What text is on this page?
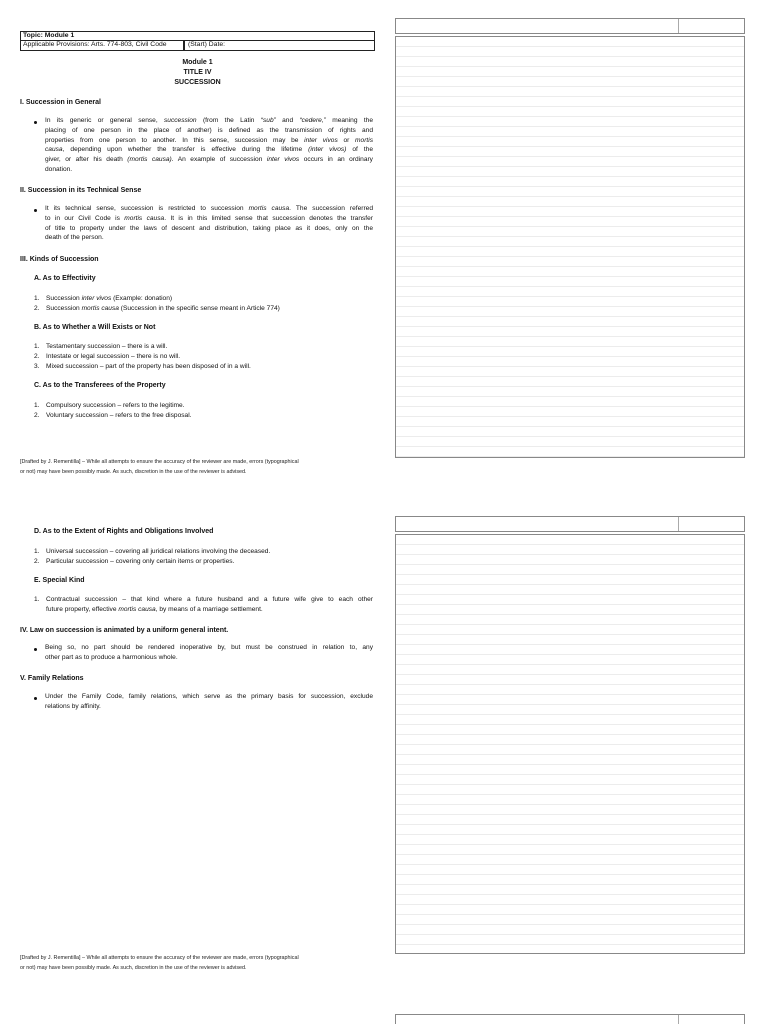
Topic: Module 1
Applicable Provisions: Arts. 774-803, Civil Code	(Start) Date:
Module 1
TITLE IV
SUCCESSION
I. Succession in General
In its generic or general sense, succession (from the Latin “sub” and “cedere,” meaning the
placing of one person in the place of another) is defined as the transmission of rights and
properties from one person to another. In this sense, succession may be inter vivos or mortis
causa, depending upon whether the transfer is effective during the lifetime (inter vivos) of the
giver, or after his death (mortis causa). An example of succession inter vivos occurs in an ordinary
donation.
II. Succession in its Technical Sense
It its technical sense, succession is restricted to succession mortis causa. The succession referred
to in our Civil Code is mortis causa. It is in this limited sense that succession denotes the transfer
of title to property under the laws of descent and distribution, taking place as it does, only on the
death of the person.
III. Kinds of Succession
A. As to Effectivity
1. Succession inter vivos (Example: donation)
2. Succession mortis causa (Succession in the specific sense meant in Article 774)
B. As to Whether a Will Exists or Not
1. Testamentary succession – there is a will.
2. Intestate or legal succession – there is no will.
3. Mixed succession – part of the property has been disposed of in a will.
C. As to the Transferees of the Property
1. Compulsory succession – refers to the legitime.
2. Voluntary succession – refers to the free disposal.
[Drafted by J. Rementilla] – While all attempts to ensure the accuracy of the reviewer are made, errors (typographical
or not) may have been possibly made. As such, discretion in the use of the reviewer is advised.
D. As to the Extent of Rights and Obligations Involved
1. Universal succession – covering all juridical relations involving the deceased.
2. Particular succession – covering only certain items or properties.
E. Special Kind
1. Contractual succession – that kind where a future husband and a future wife give to each other
future property, effective mortis causa, by means of a marriage settlement.
IV. Law on succession is animated by a uniform general intent.
Being so, no part should be rendered inoperative by, but must be construed in relation to, any
other part as to produce a harmonious whole.
V. Family Relations
Under the Family Code, family relations, which serve as the primary basis for succession, exclude
relations by affinity.
[Drafted by J. Rementilla] – While all attempts to ensure the accuracy of the reviewer are made, errors (typographical
or not) may have been possibly made. As such, discretion in the use of the reviewer is advised.
